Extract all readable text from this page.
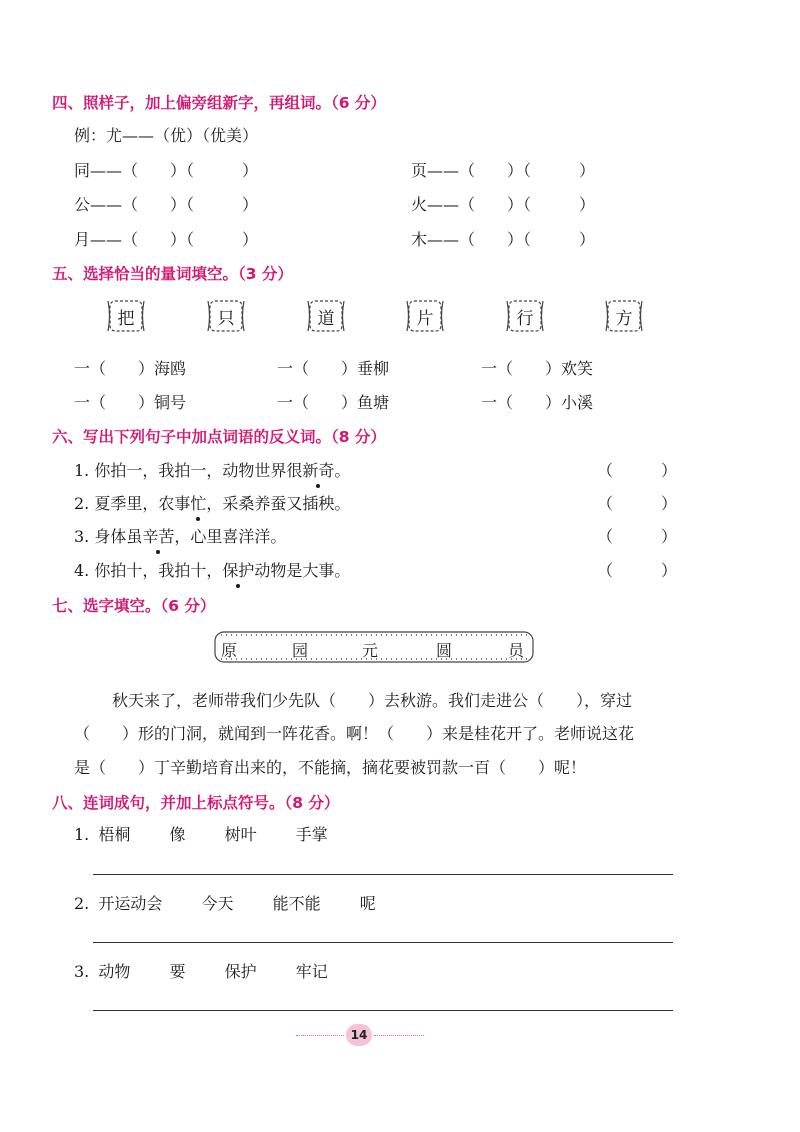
四、照样子，加上偏旁组新字，再组词。（6 分）
例：尤——（优）（优美）
同——（　　）（　　　）	页——（　　）（　　　）
公——（　　）（　　　）	火——（　　）（　　　）
月——（　　）（　　　）	木——（　　）（　　　）
五、选择恰当的量词填空。（3 分）
把	只	道	片	行	方
一（　　）海鸥	一（　　）垂柳	一（　　）欢笑
一（　　）铜号	一（　　）鱼塘	一（　　）小溪
六、写出下列句子中加点词语的反义词。（8 分）
1. 你拍一，我拍一，动物世界很新奇。	（　　　）
2. 夏季里，农事忙，采桑养蚕又插秧。	（　　　）
3. 身体虽辛苦，心里喜洋洋。	（　　　）
4. 你拍十，我拍十，保护动物是大事。	（　　　）
七、选字填空。（6 分）
原	园	元	圆	员
秋天来了，老师带我们少先队（　　）去秋游。我们走进公（　　），穿过
（　　）形的门洞，就闻到一阵花香。啊！（　　）来是桂花开了。老师说这花
是（　　）丁辛勤培育出来的，不能摘，摘花要被罚款一百（　　）呢！
八、连词成句，并加上标点符号。（8 分）
1. 梧桐 像 树叶 手掌
2. 开运动会 今天 能不能 呢
3. 动物 要 保护 牢记
14
